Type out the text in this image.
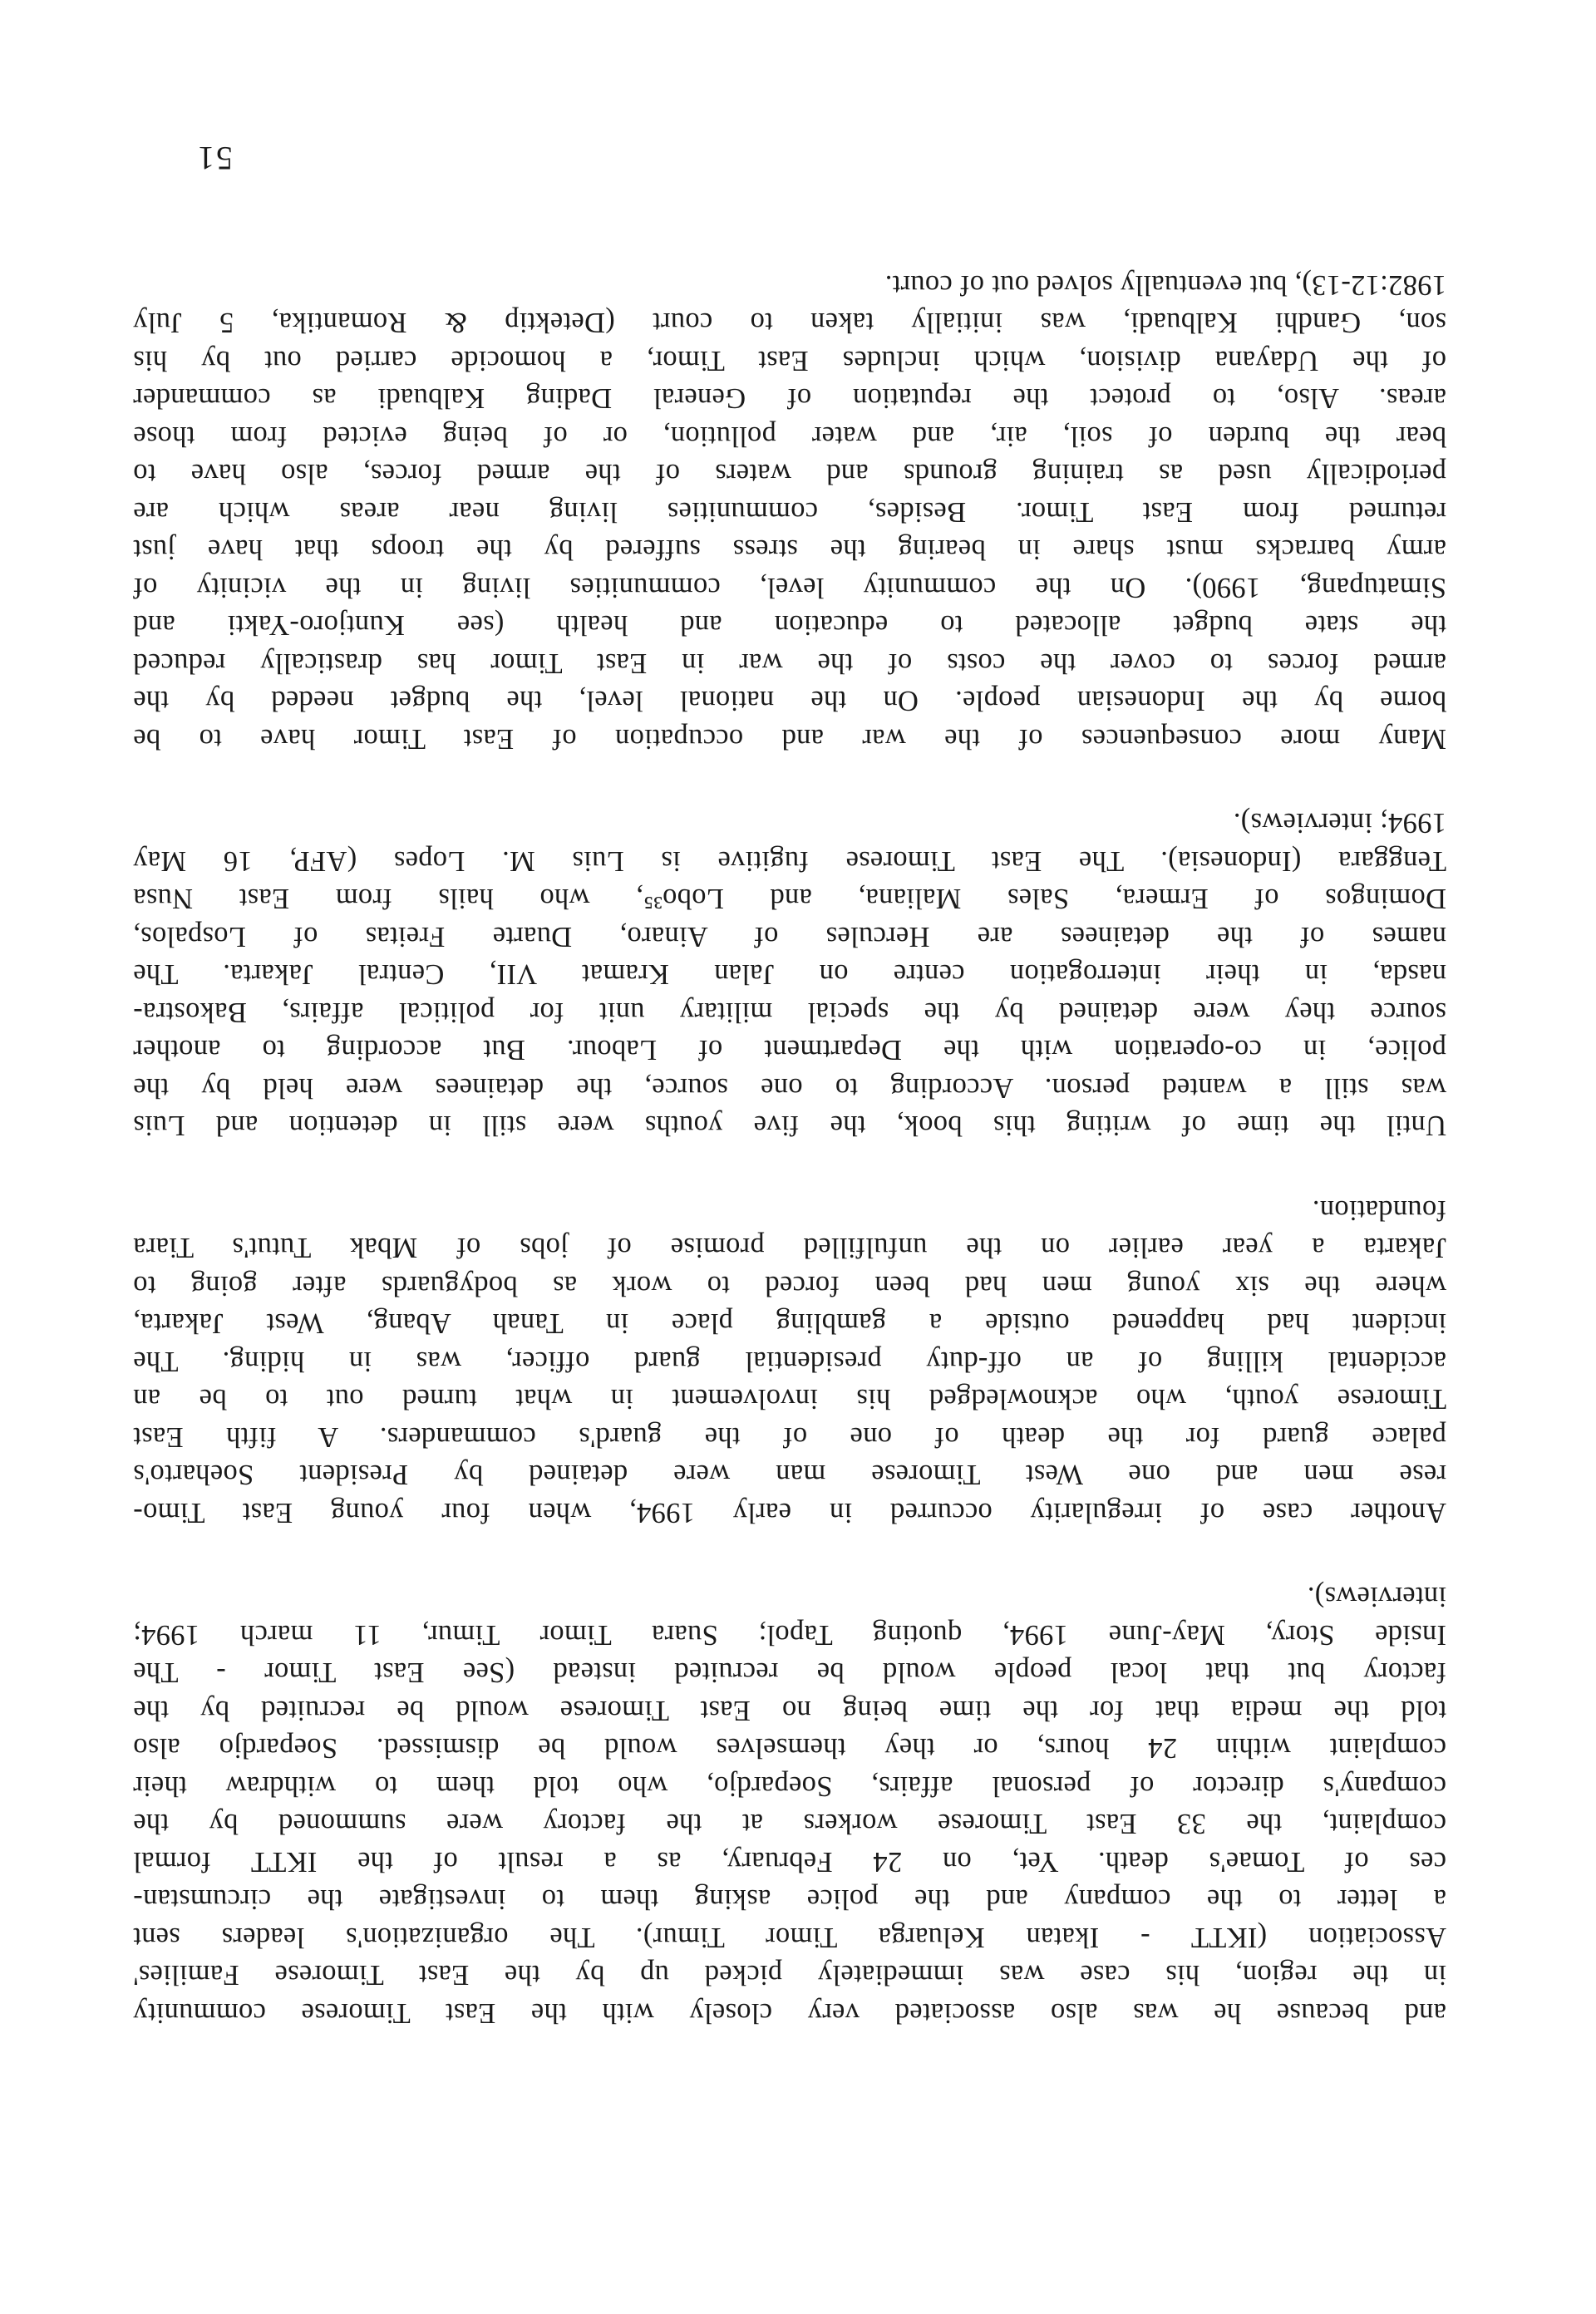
and because he was also associated very closely with the East Timorese community
in the region, his case was immediately picked up by the East Timorese Families'
Association (IKTT - Ikatan Keluarga Timor Timur). The organization's leaders sent
a letter to the company and the police asking them to investigate the circumstan-
ces of Tomae's death. Yet, on 24 February, as a result of the IKTT formal
complaint, the 33 East Timorese workers at the factory were summoned by the
company's director of personal affairs, Soepardjo, who told them to withdraw their
complaint within 24 hours, or they themselves would be dismissed. Soepardjo also
told the media that for the time being no East Timorese would be recruited by the
factory but that local people would be recruited instead (See East Timor - The
Inside Story, May-June 1994, quoting Tapol; Suara Timor Timur, 11 march 1994;
interviews).

Another case of irregularity occurred in early 1994, when four young East Timo-
rese men and one West Timorese man were detained by President Soeharto's
palace guard for the death of one of the guard's commanders. A fifth East
Timorese youth, who acknowledged his involvement in what turned out to be an
accidental killing of an off-duty presidential guard officer, was in hiding. The
incident had happened outside a gambling place in Tanah Abang, West Jakarta,
where the six young men had been forced to work as bodyguards after going to
Jakarta a year earlier on the unfulfilled promise of jobs of Mbak Tutut's Tiara
foundation.

Until the time of writing this book, the five youths were still in detention and Luis
was still a wanted person. According to one source, the detainees were held by the
police, in co-operation with the Department of Labour. But according to another
source they were detained by the special military unit for political affairs, Bakostra-
nasda, in their interrogation centre on Jalan Kramat VII, Central Jakarta. The
names of the detainees are Hercules of Ainaro, Duarte Freitas of Lospalos,
Domingos of Ermera, Sales Maliana, and Lobo³⁵, who hails from East Nusa
Tenggara (Indonesia). The East Timorese fugitive is Luis M. Lopes (AFP, 16 May
1994; interviews).

Many more consequences of the war and occupation of East Timor have to be
borne by the Indonesian people. On the national level, the budget needed by the
armed forces to cover the costs of the war in East Timor has drastically reduced
the state budget allocated to education and health (see Kuntjoro-Yakti and
Simatupang, 1990). On the community level, communities living in the vicinity of
army barracks must share in bearing the stress suffered by the troops that have just
returned from East Timor. Besides, communities living near areas which are
periodically used as training grounds and waters of the armed forces, also have to
bear the burden of soil, air, and water pollution, or of being evicted from those
areas. Also, to protect the reputation of General Dading Kalbuadi as commander
of the Udayana division, which includes East Timor, a homocide carried out by his
son, Gandhi Kalbuadi, was initially taken to court (Detektip & Romantika, 5 July
1982:12-13), but eventually solved out of court.

51
